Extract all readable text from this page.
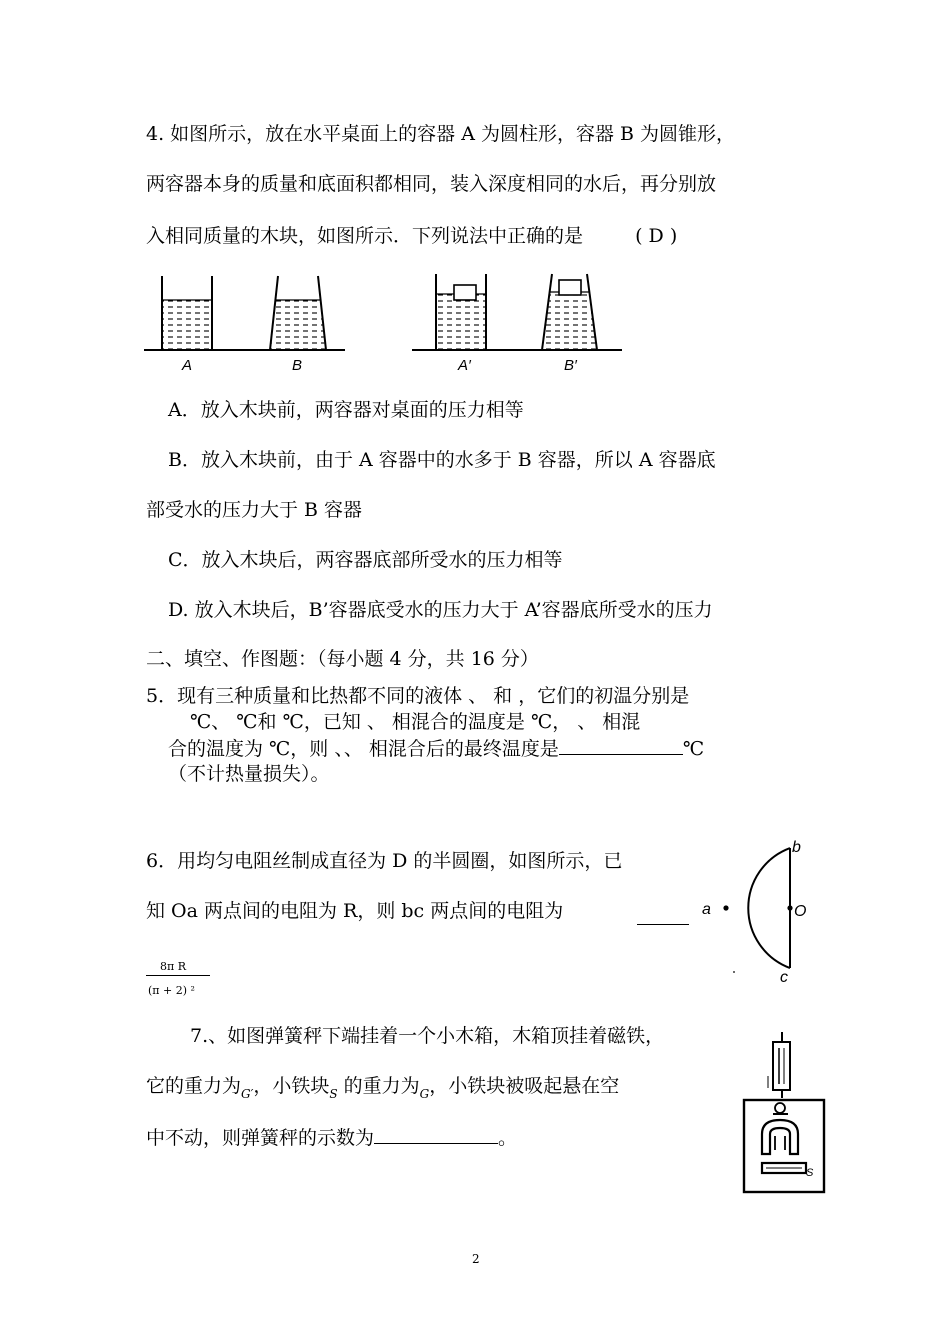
4. 如图所示，放在水平桌面上的容器 A 为圆柱形，容器 B 为圆锥形，
两容器本身的质量和底面积都相同，装入深度相同的水后，再分别放
入相同质量的木块，如图所示．下列说法中正确的是	( D )
A	B	A′	B′
A．放入木块前，两容器对桌面的压力相等
B．放入木块前，由于 A 容器中的水多于 B 容器，所以 A 容器底
部受水的压力大于 B 容器
C．放入木块后，两容器底部所受水的压力相等
D. 放入木块后，B’容器底受水的压力大于 A’容器底所受水的压力
二、填空、作图题：（每小题 4 分，共 16 分）
5．现有三种质量和比热都不同的液体 、 和 ，它们的初温分别是
℃、 ℃和 ℃，已知 、 相混合的温度是 ℃， 、 相混
合的温度为 ℃，则 、、 相混合后的最终温度是	℃
（不计热量损失）。
6．用均匀电阻丝制成直径为 D 的半圆圈，如图所示，已
知 Oa 两点间的电阻为 R，则 bc 两点间的电阻为
8π R
(π + 2) ²
a
b
c
O
7.、如图弹簧秤下端挂着一个小木箱，木箱顶挂着磁铁，
它的重力为$_{G'}$，小铁块$_S$ 的重力为$_G$，小铁块被吸起悬在空
中不动，则弹簧秤的示数为	。
S
2
